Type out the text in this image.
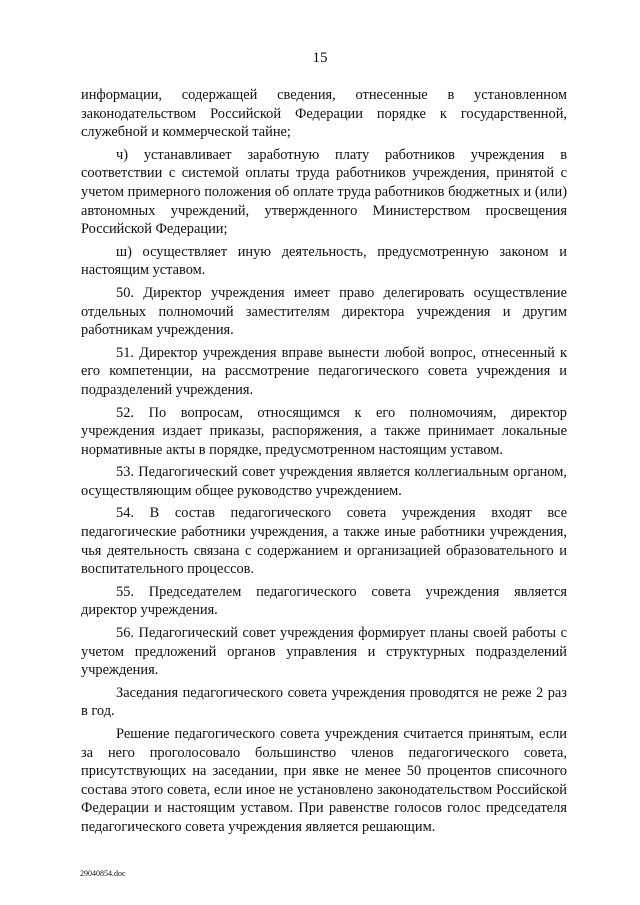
15

информации, содержащей сведения, отнесенные в установленном законодательством Российской Федерации порядке к государственной, служебной и коммерческой тайне;

ч) устанавливает заработную плату работников учреждения в соответствии с системой оплаты труда работников учреждения, принятой с учетом примерного положения об оплате труда работников бюджетных и (или) автономных учреждений, утвержденного Министерством просвещения Российской Федерации;

ш) осуществляет иную деятельность, предусмотренную законом и настоящим уставом.

50. Директор учреждения имеет право делегировать осуществление отдельных полномочий заместителям директора учреждения и другим работникам учреждения.

51. Директор учреждения вправе вынести любой вопрос, отнесенный к его компетенции, на рассмотрение педагогического совета учреждения и подразделений учреждения.

52. По вопросам, относящимся к его полномочиям, директор учреждения издает приказы, распоряжения, а также принимает локальные нормативные акты в порядке, предусмотренном настоящим уставом.

53. Педагогический совет учреждения является коллегиальным органом, осуществляющим общее руководство учреждением.

54. В состав педагогического совета учреждения входят все педагогические работники учреждения, а также иные работники учреждения, чья деятельность связана с содержанием и организацией образовательного и воспитательного процессов.

55. Председателем педагогического совета учреждения является директор учреждения.

56. Педагогический совет учреждения формирует планы своей работы с учетом предложений органов управления и структурных подразделений учреждения.

Заседания педагогического совета учреждения проводятся не реже 2 раз в год.

Решение педагогического совета учреждения считается принятым, если за него проголосовало большинство членов педагогического совета, присутствующих на заседании, при явке не менее 50 процентов списочного состава этого совета, если иное не установлено законодательством Российской Федерации и настоящим уставом. При равенстве голосов голос председателя педагогического совета учреждения является решающим.

29040854.doc
